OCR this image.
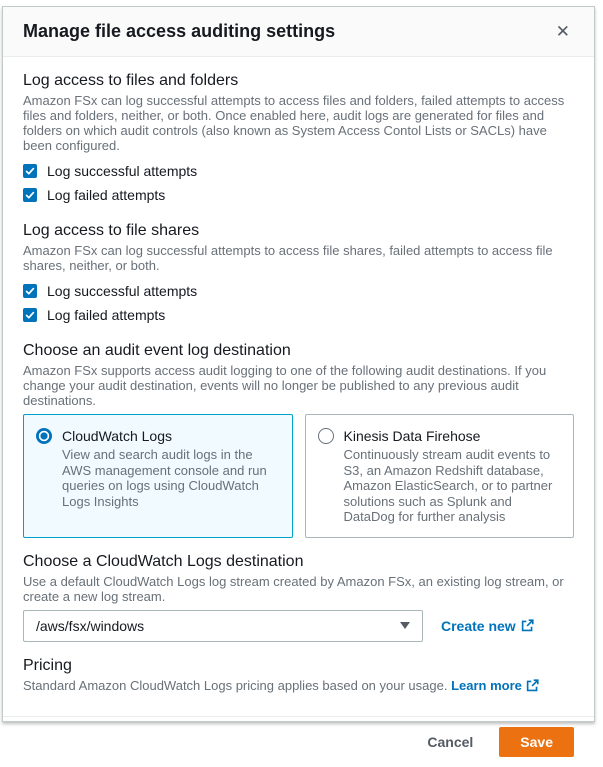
Manage file access auditing settings	✕
Log access to files and folders
Amazon FSx can log successful attempts to access files and folders, failed attempts to access files and folders, neither, or both. Once enabled here, audit logs are generated for files and folders on which audit controls (also known as System Access Contol Lists or SACLs) have been configured.
Log successful attempts
Log failed attempts
Log access to file shares
Amazon FSx can log successful attempts to access file shares, failed attempts to access file shares, neither, or both.
Log successful attempts
Log failed attempts
Choose an audit event log destination
Amazon FSx supports access audit logging to one of the following audit destinations. If you change your audit destination, events will no longer be published to any previous audit destinations.
CloudWatch Logs
View and search audit logs in the AWS management console and run queries on logs using CloudWatch Logs Insights
Kinesis Data Firehose
Continuously stream audit events to S3, an Amazon Redshift database, Amazon ElasticSearch, or to partner solutions such as Splunk and DataDog for further analysis
Choose a CloudWatch Logs destination
Use a default CloudWatch Logs log stream created by Amazon FSx, an existing log stream, or create a new log stream.
/aws/fsx/windows	Create new
Pricing
Standard Amazon CloudWatch Logs pricing applies based on your usage. Learn more
Cancel	Save
